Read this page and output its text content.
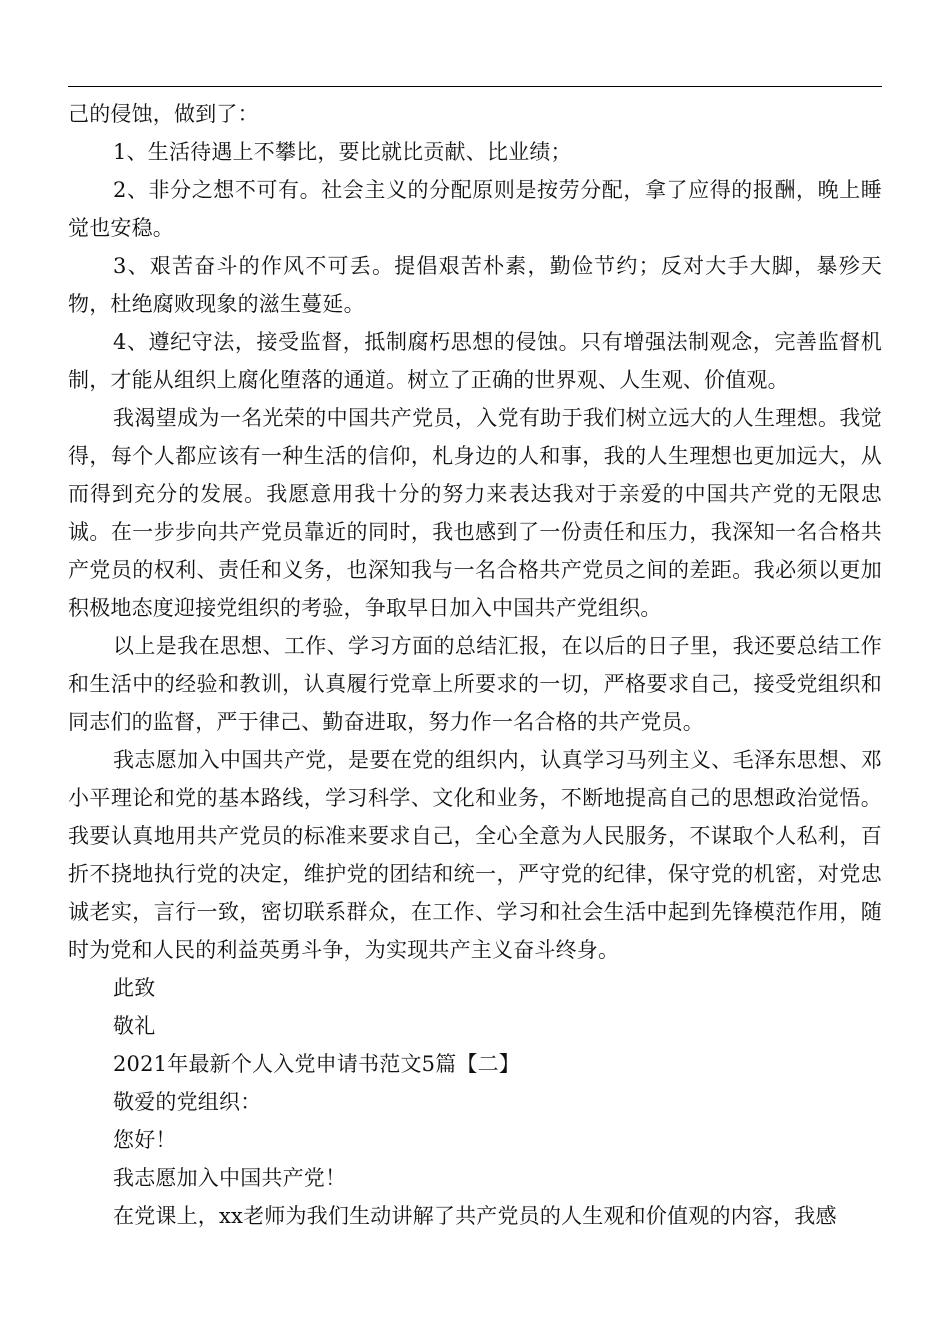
己的侵蚀，做到了：

1、生活待遇上不攀比，要比就比贡献、比业绩；

2、非分之想不可有。社会主义的分配原则是按劳分配，拿了应得的报酬，晚上睡觉也安稳。

3、艰苦奋斗的作风不可丢。提倡艰苦朴素，勤俭节约；反对大手大脚，暴殄天物，杜绝腐败现象的滋生蔓延。

4、遵纪守法，接受监督，抵制腐朽思想的侵蚀。只有增强法制观念，完善监督机制，才能从组织上腐化堕落的通道。树立了正确的世界观、人生观、价值观。

我渴望成为一名光荣的中国共产党员，入党有助于我们树立远大的人生理想。我觉得，每个人都应该有一种生活的信仰，札身边的人和事，我的人生理想也更加远大，从而得到充分的发展。我愿意用我十分的努力来表达我对于亲爱的中国共产党的无限忠诚。在一步步向共产党员靠近的同时，我也感到了一份责任和压力，我深知一名合格共产党员的权利、责任和义务，也深知我与一名合格共产党员之间的差距。我必须以更加积极地态度迎接党组织的考验，争取早日加入中国共产党组织。

以上是我在思想、工作、学习方面的总结汇报，在以后的日子里，我还要总结工作和生活中的经验和教训，认真履行党章上所要求的一切，严格要求自己，接受党组织和同志们的监督，严于律己、勤奋进取，努力作一名合格的共产党员。

我志愿加入中国共产党，是要在党的组织内，认真学习马列主义、毛泽东思想、邓小平理论和党的基本路线，学习科学、文化和业务，不断地提高自己的思想政治觉悟。我要认真地用共产党员的标准来要求自己，全心全意为人民服务，不谋取个人私利，百折不挠地执行党的决定，维护党的团结和统一，严守党的纪律，保守党的机密，对党忠诚老实，言行一致，密切联系群众，在工作、学习和社会生活中起到先锋模范作用，随时为党和人民的利益英勇斗争，为实现共产主义奋斗终身。

此致

敬礼

2021年最新个人入党申请书范文5篇【二】

敬爱的党组织：

您好！

我志愿加入中国共产党！

在党课上，xx老师为我们生动讲解了共产党员的人生观和价值观的内容，我感
